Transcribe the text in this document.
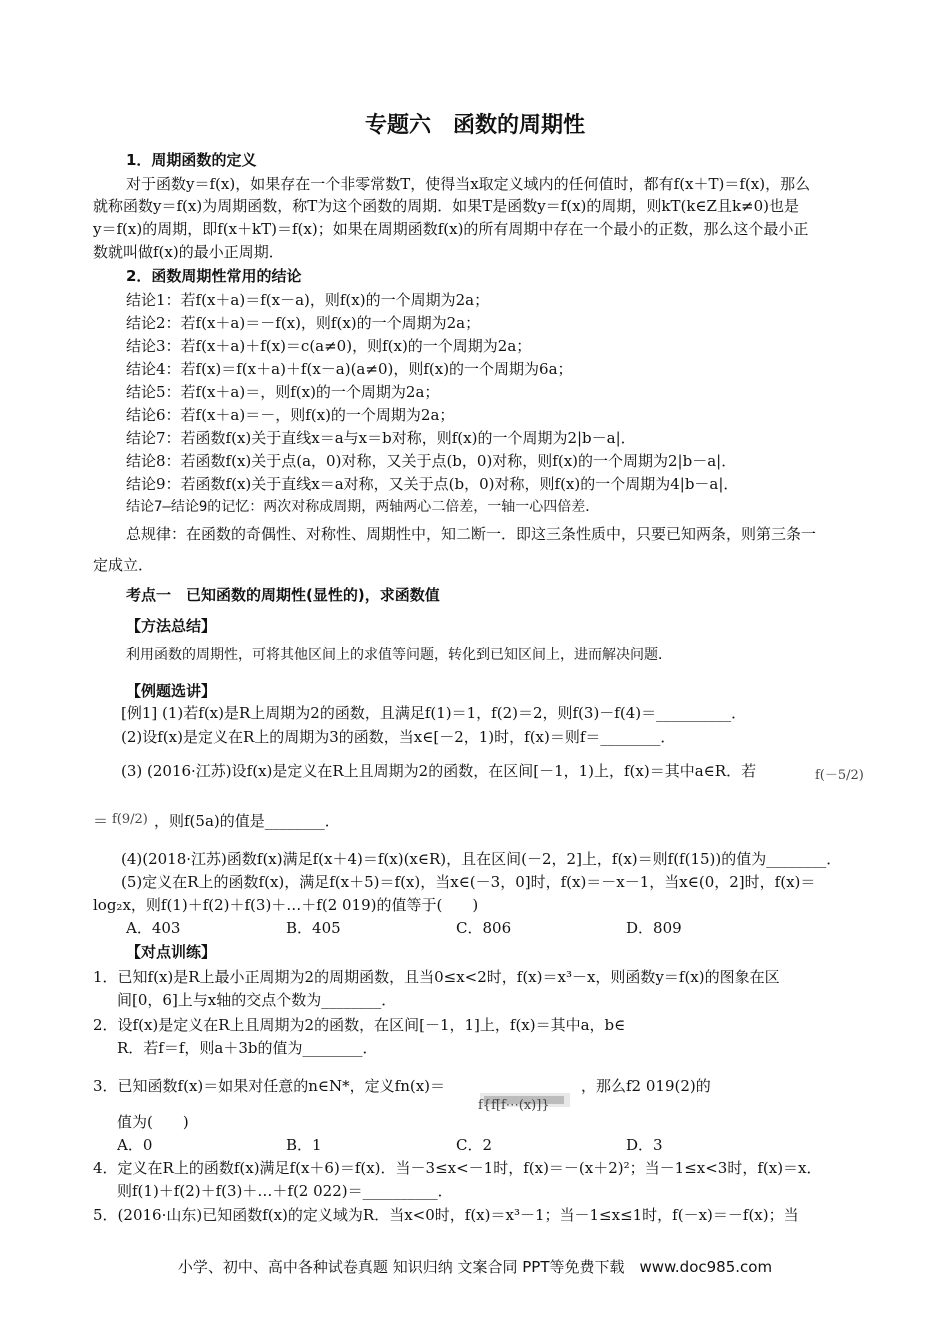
专题六　函数的周期性
1．周期函数的定义
对于函数y＝f(x)，如果存在一个非零常数T，使得当x取定义域内的任何值时，都有f(x＋T)＝f(x)，那么
就称函数y＝f(x)为周期函数，称T为这个函数的周期．如果T是函数y＝f(x)的周期，则kT(k∈Z且k≠0)也是
y＝f(x)的周期，即f(x＋kT)＝f(x)；如果在周期函数f(x)的所有周期中存在一个最小的正数，那么这个最小正
数就叫做f(x)的最小正周期．
2．函数周期性常用的结论
结论1：若f(x＋a)＝f(x－a)，则f(x)的一个周期为2a；
结论2：若f(x＋a)＝－f(x)，则f(x)的一个周期为2a；
结论3：若f(x＋a)＋f(x)＝c(a≠0)，则f(x)的一个周期为2a；
结论4：若f(x)＝f(x＋a)＋f(x－a)(a≠0)，则f(x)的一个周期为6a；
结论5：若f(x＋a)＝，则f(x)的一个周期为2a；
结论6：若f(x＋a)＝－，则f(x)的一个周期为2a；
结论7：若函数f(x)关于直线x＝a与x＝b对称，则f(x)的一个周期为2|b－a|．
结论8：若函数f(x)关于点(a，0)对称，又关于点(b，0)对称，则f(x)的一个周期为2|b－a|．
结论9：若函数f(x)关于直线x＝a对称，又关于点(b，0)对称，则f(x)的一个周期为4|b－a|．
结论7—结论9的记忆：两次对称成周期，两轴两心二倍差，一轴一心四倍差．
总规律：在函数的奇偶性、对称性、周期性中，知二断一．即这三条性质中，只要已知两条，则第三条一
定成立．
考点一　已知函数的周期性(显性的)，求函数值
【方法总结】
利用函数的周期性，可将其他区间上的求值等问题，转化到已知区间上，进而解决问题．
【例题选讲】
[例1] (1)若f(x)是R上周期为2的函数，且满足f(1)＝1，f(2)＝2，则f(3)－f(4)＝__________．
(2)设f(x)是定义在R上的周期为3的函数，当x∈[－2，1)时，f(x)＝则f＝________．
(3) (2016·江苏)设f(x)是定义在R上且周期为2的函数，在区间[－1，1)上，f(x)＝其中a∈R．若	f(－5/2)
＝ f(9/2) ，则f(5a)的值是________．
(4)(2018·江苏)函数f(x)满足f(x＋4)＝f(x)(x∈R)，且在区间(－2，2]上，f(x)＝则f(f(15))的值为________．
(5)定义在R上的函数f(x)，满足f(x＋5)＝f(x)，当x∈(－3，0]时，f(x)＝－x－1，当x∈(0，2]时，f(x)＝
log₂x，则f(1)＋f(2)＋f(3)＋…＋f(2 019)的值等于(　　)
A．403	B．405	C．806	D．809
【对点训练】
1．已知f(x)是R上最小正周期为2的周期函数，且当0≤x<2时，f(x)＝x³－x，则函数y＝f(x)的图象在区
间[0，6]上与x轴的交点个数为________．
2．设f(x)是定义在R上且周期为2的函数，在区间[－1，1]上，f(x)＝其中a，b∈
R．若f＝f，则a＋3b的值为________．
3．已知函数f(x)＝如果对任意的n∈N*，定义fn(x)＝
f{f[f⋯(x)]}
，那么f2 019(2)的
值为(　　)
A．0	B．1	C．2	D．3
4．定义在R上的函数f(x)满足f(x＋6)＝f(x)．当－3≤x<－1时，f(x)＝－(x＋2)²；当－1≤x<3时，f(x)＝x．
则f(1)＋f(2)＋f(3)＋…＋f(2 022)＝__________．
5．(2016·山东)已知函数f(x)的定义域为R．当x<0时，f(x)＝x³－1；当－1≤x≤1时，f(－x)＝－f(x)；当
小学、初中、高中各种试卷真题 知识归纳 文案合同 PPT等免费下载　www.doc985.com
